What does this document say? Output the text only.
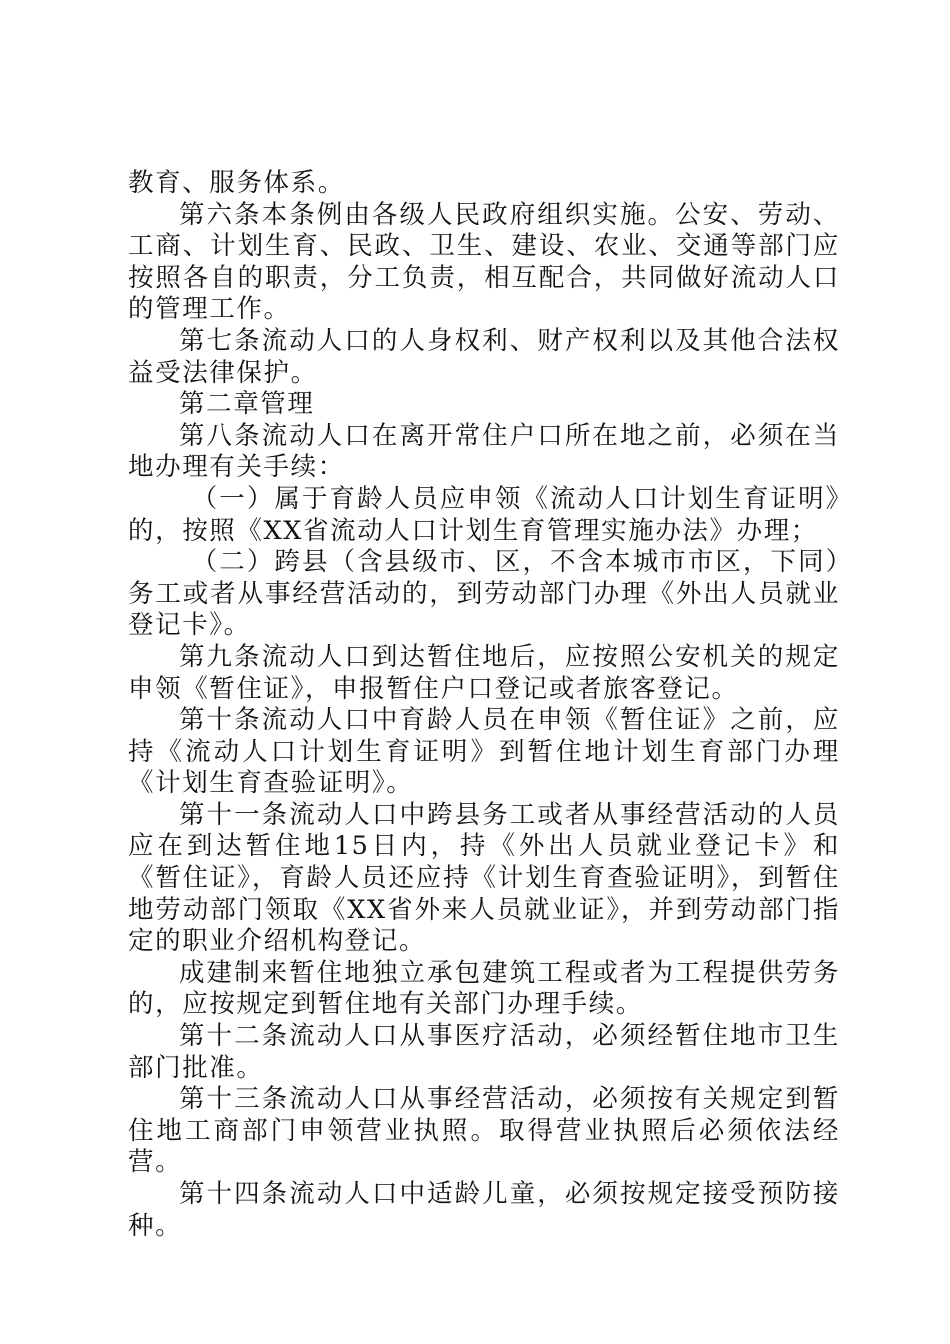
教育、服务体系。

第六条本条例由各级人民政府组织实施。公安、劳动、工商、计划生育、民政、卫生、建设、农业、交通等部门应按照各自的职责，分工负责，相互配合，共同做好流动人口的管理工作。

第七条流动人口的人身权利、财产权利以及其他合法权益受法律保护。

第二章管理

第八条流动人口在离开常住户口所在地之前，必须在当地办理有关手续：

（一）属于育龄人员应申领《流动人口计划生育证明》的，按照《XX省流动人口计划生育管理实施办法》办理；

（二）跨县（含县级市、区，不含本城市市区，下同）务工或者从事经营活动的，到劳动部门办理《外出人员就业登记卡》。

第九条流动人口到达暂住地后，应按照公安机关的规定申领《暂住证》，申报暂住户口登记或者旅客登记。

第十条流动人口中育龄人员在申领《暂住证》之前，应持《流动人口计划生育证明》到暂住地计划生育部门办理《计划生育查验证明》。

第十一条流动人口中跨县务工或者从事经营活动的人员应在到达暂住地15日内，持《外出人员就业登记卡》和《暂住证》，育龄人员还应持《计划生育查验证明》，到暂住地劳动部门领取《XX省外来人员就业证》，并到劳动部门指定的职业介绍机构登记。

成建制来暂住地独立承包建筑工程或者为工程提供劳务的，应按规定到暂住地有关部门办理手续。

第十二条流动人口从事医疗活动，必须经暂住地市卫生部门批准。

第十三条流动人口从事经营活动，必须按有关规定到暂住地工商部门申领营业执照。取得营业执照后必须依法经营。

第十四条流动人口中适龄儿童，必须按规定接受预防接种。
